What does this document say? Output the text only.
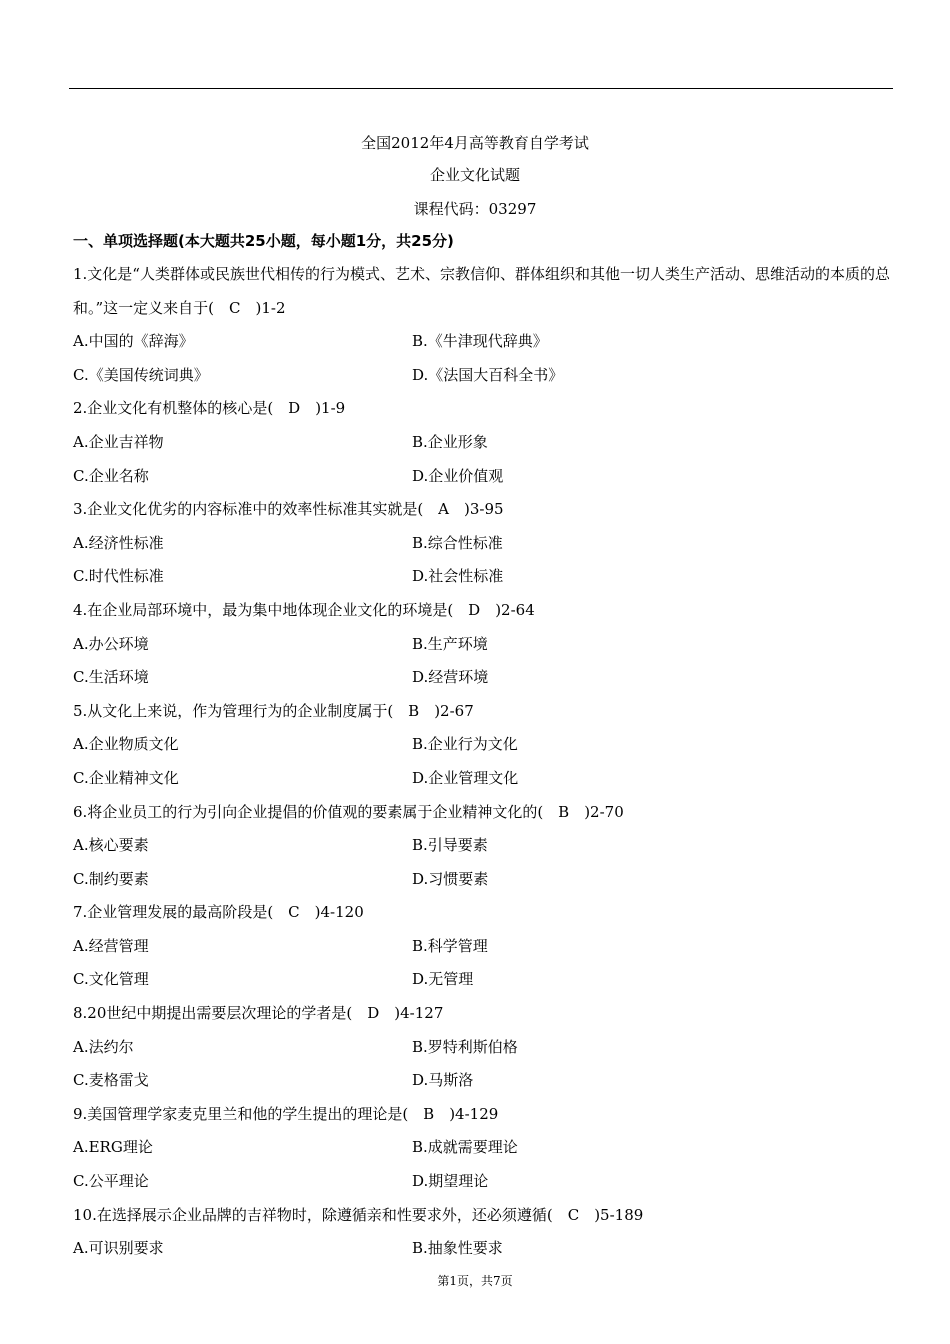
全国2012年4月高等教育自学考试
企业文化试题
课程代码：03297
一、单项选择题(本大题共25小题，每小题1分，共25分)
1.文化是“人类群体或民族世代相传的行为模式、艺术、宗教信仰、群体组织和其他一切人类生产活动、思维活动的本质的总和。”这一定义来自于(　C　)1-2
A.中国的《辞海》	B.《牛津现代辞典》
C.《美国传统词典》	D.《法国大百科全书》
2.企业文化有机整体的核心是(　D　)1-9
A.企业吉祥物	B.企业形象
C.企业名称	D.企业价值观
3.企业文化优劣的内容标准中的效率性标准其实就是(　A　)3-95
A.经济性标准	B.综合性标准
C.时代性标准	D.社会性标准
4.在企业局部环境中，最为集中地体现企业文化的环境是(　D　)2-64
A.办公环境	B.生产环境
C.生活环境	D.经营环境
5.从文化上来说，作为管理行为的企业制度属于(　B　)2-67
A.企业物质文化	B.企业行为文化
C.企业精神文化	D.企业管理文化
6.将企业员工的行为引向企业提倡的价值观的要素属于企业精神文化的(　B　)2-70
A.核心要素	B.引导要素
C.制约要素	D.习惯要素
7.企业管理发展的最高阶段是(　C　)4-120
A.经营管理	B.科学管理
C.文化管理	D.无管理
8.20世纪中期提出需要层次理论的学者是(　D　)4-127
A.法约尔	B.罗特利斯伯格
C.麦格雷戈	D.马斯洛
9.美国管理学家麦克里兰和他的学生提出的理论是(　B　)4-129
A.ERG理论	B.成就需要理论
C.公平理论	D.期望理论
10.在选择展示企业品牌的吉祥物时，除遵循亲和性要求外，还必须遵循(　C　)5-189
A.可识别要求	B.抽象性要求
第1页，共7页
